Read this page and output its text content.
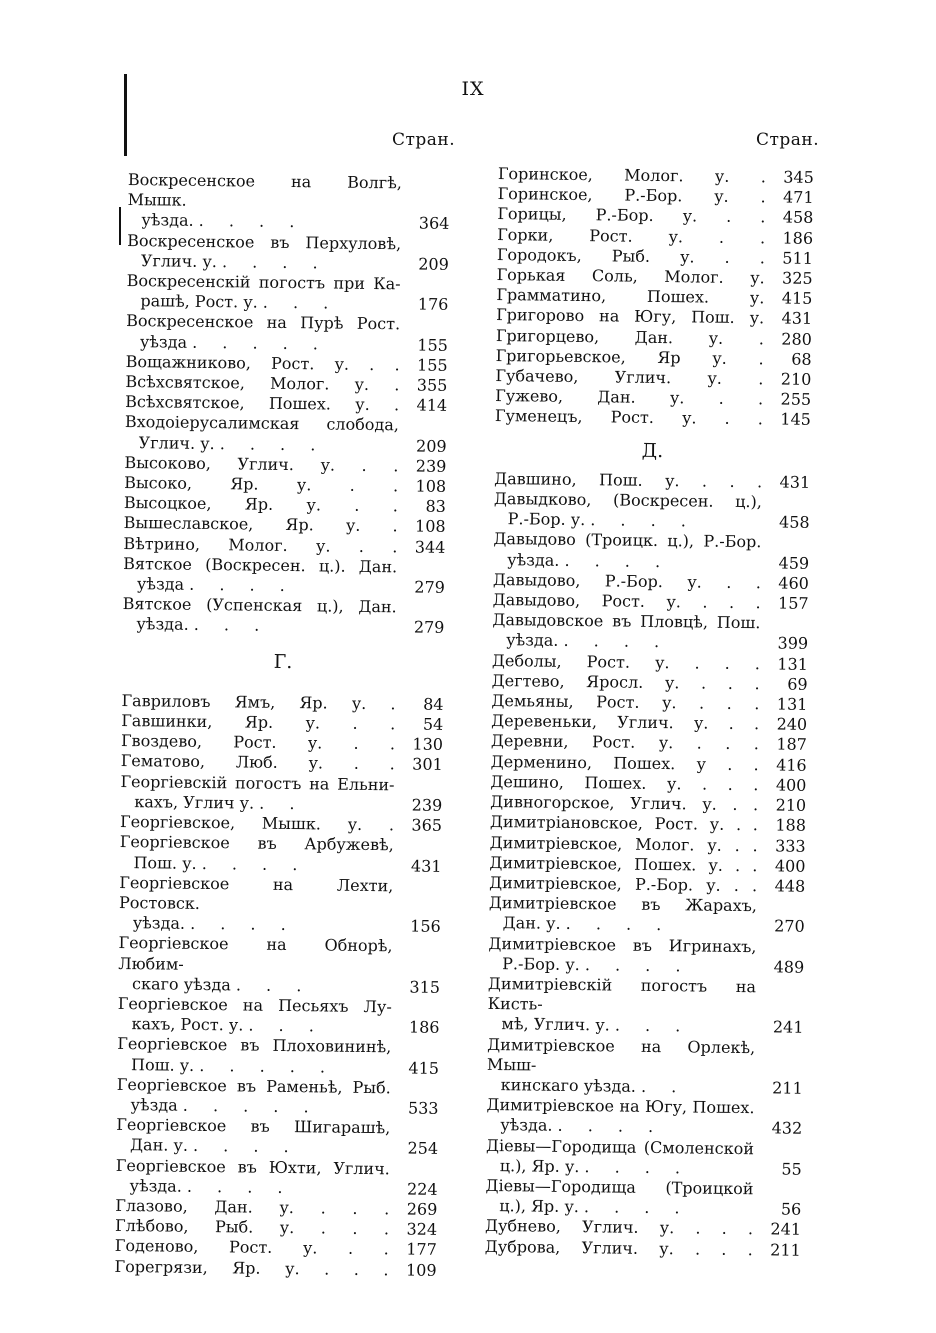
IX
Стран.	Стран.
Воскресенское на Волгѣ, Мышк.
уѣзда. . . . .	364
Воскресенское въ Перхуловѣ,
Углич. у. . . . .	209
Воскресенскій погостъ при Ка-
рашѣ, Рост. у. . . .	176
Воскресенское на Пурѣ Рост.
уѣзда . . . . .	155
Вощажниково, Рост. у. . .	155
Всѣхсвятское, Молог. у. .	355
Всѣхсвятское, Пошех. у. .	414
Входоіерусалимская слобода,
Углич. у. . . . .	209
Высоково, Углич. у. . .	239
Высоко, Яр. у. . .	108
Высоцкое, Яр. у. . .	83
Вышеславское, Яр. у. .	108
Вѣтрино, Молог. у. . .	344
Вятское (Воскресен. ц.). Дан.
уѣзда . . . .	279
Вятское (Успенская ц.), Дан.
уѣзда. . . .	279
Г.
Гавриловъ Ямъ, Яр. у. .	84
Гавшинки, Яр. у. . .	54
Гвоздево, Рост. у. . .	130
Гематово, Люб. у. . .	301
Георгіевскій погостъ на Ельни-
кахъ, Углич у. . .	239
Георгіевское, Мышк. у. .	365
Георгіевское въ Арбужевѣ,
Пош. у. . . . .	431
Георгіевское на Лехти, Ростовск.
уѣзда. . . . .	156
Георгіевское на Обнорѣ, Любим-
скаго уѣзда . . .	315
Георгіевское на Песьяхъ Лу-
кахъ, Рост. у. . . .	186
Георгіевское въ Плоховининѣ,
Пош. у. . . . . .	415
Георгіевское въ Раменьѣ, Рыб.
уѣзда . . . . .	533
Георгіевское въ Шигарашѣ,
Дан. у. . . . .	254
Георгіевское въ Юхти, Углич.
уѣзда. . . . .	224
Глазово, Дан. у. . . .	269
Глѣбово, Рыб. у. . . .	324
Годеново, Рост. у. . .	177
Горегрязи, Яр. у. . . .	109
Горинское, Молог. у. .	345
Горинское, Р.-Бор. у. .	471
Горицы, Р.-Бор. у. . .	458
Горки, Рост. у. . .	186
Городокъ, Рыб. у. . .	511
Горькая Соль, Молог. у.	325
Грамматино, Пошех. у.	415
Григорово на Югу, Пош. у.	431
Григорцево, Дан. у. .	280
Григорьевское, Яр у. .	68
Губачево, Углич. у. .	210
Гужево, Дан. у. . .	255
Гуменецъ, Рост. у. . .	145
Д.
Давшино, Пош. у. . . .	431
Давыдково, (Воскресен. ц.),
Р.-Бор. у. . . . .	458
Давыдово (Троицк. ц.), Р.-Бор.
уѣзда. . . . .	459
Давыдово, Р.-Бор. у. . .	460
Давыдово, Рост. у. . . .	157
Давыдовское въ Пловцѣ, Пош.
уѣзда. . . . .	399
Деболы, Рост. у. . . .	131
Дегтево, Яросл. у. . . .	69
Демьяны, Рост. у. . . .	131
Деревеньки, Углич. у. . .	240
Деревни, Рост. у. . . .	187
Дерменино, Пошех. у . .	416
Дешино, Пошех. у. . . .	400
Дивногорское, Углич. у. . .	210
Димитріановское, Рост. у. . .	188
Димитріевское, Молог. у. . .	333
Димитріевское, Пошех. у. . .	400
Димитріевское, Р.-Бор. у. . .	448
Димитріевское въ Жарахъ,
Дан. у. . . . .	270
Димитріевское въ Игринахъ,
Р.-Бор. у. . . . .	489
Димитріевскій погостъ на Кисть-
мѣ, Углич. у. . . .	241
Димитріевское на Орлекѣ, Мыш-
кинскаго уѣзда. . .	211
Димитріевское на Югу, Пошех.
уѣзда. . . . .	432
Діевы—Городища (Смоленской
ц.), Яр. у. . . . .	55
Діевы—Городища (Троицкой
ц.), Яр. у. . . . .	56
Дубнево, Углич. у. . . .	241
Дуброва, Углич. у. . . .	211
